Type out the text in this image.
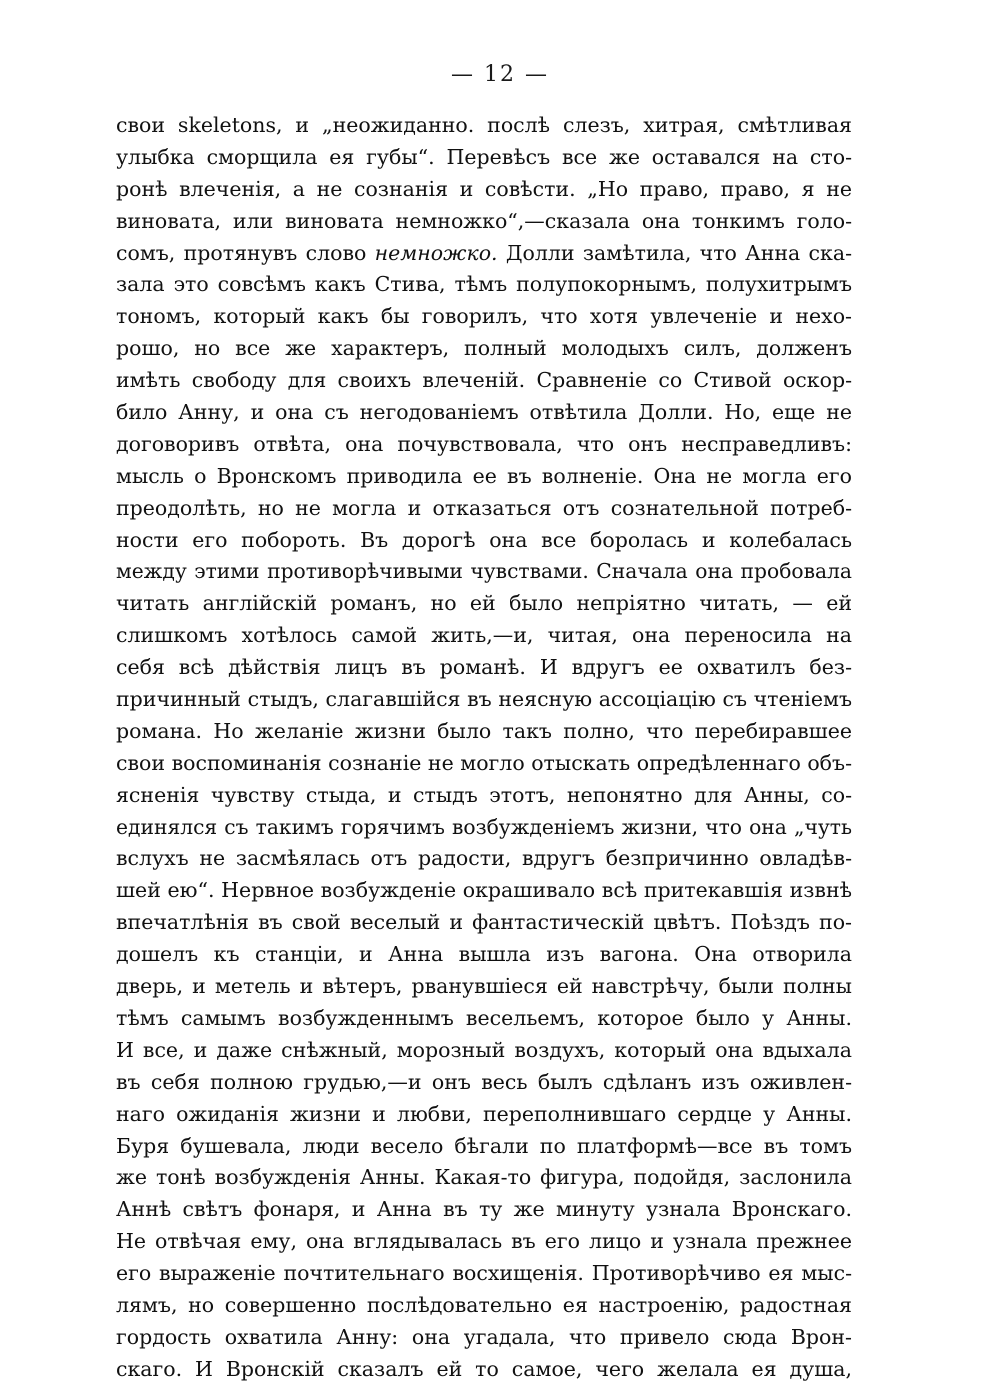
— 12 —
свои skeletons, и „неожиданно. послѣ слезъ, хитрая, смѣтливая
улыбка сморщила ея губы“. Перевѣсъ все же оставался на сто-
ронѣ влеченія, а не сознанія и совѣсти. „Но право, право, я не
виновата, или виновата немножко“,—сказала она тонкимъ голо-
сомъ, протянувъ слово немножко. Долли замѣтила, что Анна ска-
зала это совсѣмъ какъ Стива, тѣмъ полупокорнымъ, полухитрымъ
тономъ, который какъ бы говорилъ, что хотя увлеченіе и нехо-
рошо, но все же характеръ, полный молодыхъ силъ, долженъ
имѣть свободу для своихъ влеченій. Сравненіе со Стивой оскор-
било Анну, и она съ негодованіемъ отвѣтила Долли. Но, еще не
договоривъ отвѣта, она почувствовала, что онъ несправедливъ:
мысль о Вронскомъ приводила ее въ волненіе. Она не могла его
преодолѣть, но не могла и отказаться отъ сознательной потреб-
ности его побороть. Въ дорогѣ она все боролась и колебалась
между этими противорѣчивыми чувствами. Сначала она пробовала
читать англійскій романъ, но ей было непріятно читать, — ей
слишкомъ хотѣлось самой жить,—и, читая, она переносила на
себя всѣ дѣйствія лицъ въ романѣ. И вдругъ ее охватилъ без-
причинный стыдъ, слагавшійся въ неясную ассоціацію съ чтеніемъ
романа. Но желаніе жизни было такъ полно, что перебиравшее
свои воспоминанія сознаніе не могло отыскать опредѣленнаго объ-
ясненія чувству стыда, и стыдъ этотъ, непонятно для Анны, со-
единялся съ такимъ горячимъ возбужденіемъ жизни, что она „чуть
вслухъ не засмѣялась отъ радости, вдругъ безпричинно овладѣв-
шей ею“. Нервное возбужденіе окрашивало всѣ притекавшія извнѣ
впечатлѣнія въ свой веселый и фантастическій цвѣтъ. Поѣздъ по-
дошелъ къ станціи, и Анна вышла изъ вагона. Она отворила
дверь, и метель и вѣтеръ, рванувшіеся ей навстрѣчу, были полны
тѣмъ самымъ возбужденнымъ весельемъ, которое было у Анны.
И все, и даже снѣжный, морозный воздухъ, который она вдыхала
въ себя полною грудью,—и онъ весь былъ сдѣланъ изъ оживлен-
наго ожиданія жизни и любви, переполнившаго сердце у Анны.
Буря бушевала, люди весело бѣгали по платформѣ—все въ томъ
же тонѣ возбужденія Анны. Какая-то фигура, подойдя, заслонила
Аннѣ свѣтъ фонаря, и Анна въ ту же минуту узнала Вронскаго.
Не отвѣчая ему, она вглядывалась въ его лицо и узнала прежнее
его выраженіе почтительнаго восхищенія. Противорѣчиво ея мыс-
лямъ, но совершенно послѣдовательно ея настроенію, радостная
гордость охватила Анну: она угадала, что привело сюда Врон-
скаго. И Вронскій сказалъ ей то самое, чего желала ея душа,
